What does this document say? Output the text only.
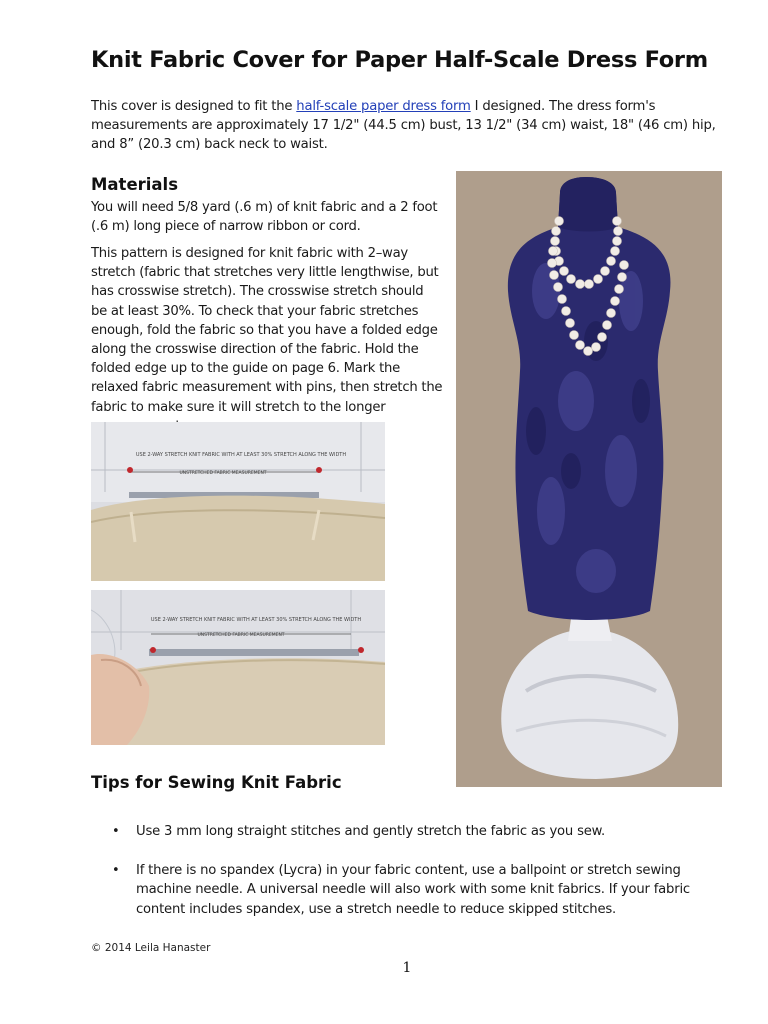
Knit Fabric Cover for Paper Half-Scale Dress Form

This cover is designed to fit the half-scale paper dress form I designed. The dress form's measurements are approximately 17 1/2" (44.5 cm) bust, 13 1/2" (34 cm) waist, 18" (46 cm) hip, and 8” (20.3 cm) back neck to waist.

Materials

You will need 5/8 yard (.6 m) of knit fabric and a 2 foot (.6 m) long piece of narrow ribbon or cord.

This pattern is designed for knit fabric with 2–way stretch (fabric that stretches very little lengthwise, but has crosswise stretch). The crosswise stretch should be at least 30%. To check that your fabric stretches enough, fold the fabric so that you have a folded edge along the crosswise direction of the fabric. Hold the folded edge up to the guide on page 6. Mark the relaxed fabric measurement with pins, then stretch the fabric to make sure it will stretch to the longer

USE 2-WAY STRETCH KNIT FABRIC WITH AT LEAST 30% STRETCH ALONG THE WIDTH
UNSTRETCHED FABRIC MEASUREMENT
USE 2-WAY STRETCH KNIT FABRIC WITH AT LEAST 30% STRETCH ALONG THE WIDTH
UNSTRETCHED FABRIC MEASUREMENT
Tips for Sewing Knit Fabric
• Use 3 mm long straight stitches and gently stretch the fabric as you sew.
• If there is no spandex (Lycra) in your fabric content, use a ballpoint or stretch sewing machine needle. A universal needle will also work with some knit fabrics. If your fabric content includes spandex, use a stretch needle to reduce skipped stitches.
© 2014 Leila Hanaster
1
